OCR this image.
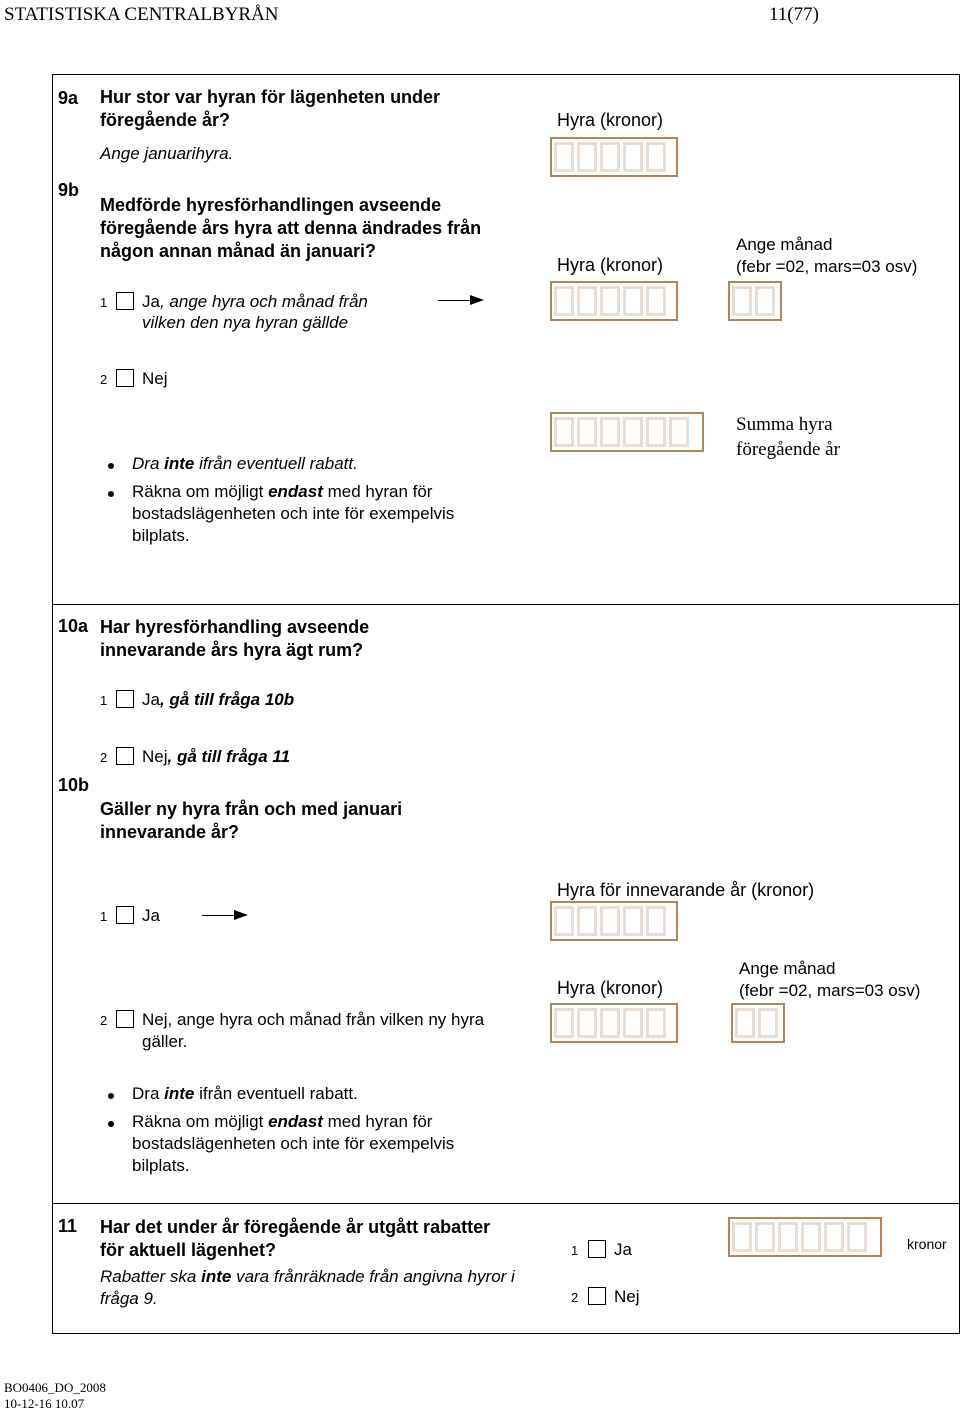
STATISTISKA CENTRALBYRÅN	11(77)
9a Hur stor var hyran för lägenheten under
föregående år?
Ange januarihyra.
Hyra (kronor)
9b
Medförde hyresförhandlingen avseende
föregående års hyra att denna ändrades från
någon annan månad än januari?
Hyra (kronor)
Ange månad
(febr =02, mars=03 osv)
1 Ja, ange hyra och månad från
vilken den nya hyran gällde
2 Nej
Dra inte ifrån eventuell rabatt.
Räkna om möjligt endast med hyran för
bostadslägenheten och inte för exempelvis
bilplats.
Summa hyra
föregående år
10a Har hyresförhandling avseende
innevarande års hyra ägt rum?
1 Ja, gå till fråga 10b
2 Nej, gå till fråga 11
10b
Gäller ny hyra från och med januari
innevarande år?
Hyra för innevarande år (kronor)
1 Ja
Hyra (kronor)
Ange månad
(febr =02, mars=03 osv)
2 Nej, ange hyra och månad från vilken ny hyra
gäller.
Dra inte ifrån eventuell rabatt.
Räkna om möjligt endast med hyran för
bostadslägenheten och inte för exempelvis
bilplats.
11 Har det under år föregående år utgått rabatter
för aktuell lägenhet?
Rabatter ska inte vara frånräknade från angivna hyror i
fråga 9.
1 Ja
2 Nej
kronor
BO0406_DO_2008
10-12-16 10.07
